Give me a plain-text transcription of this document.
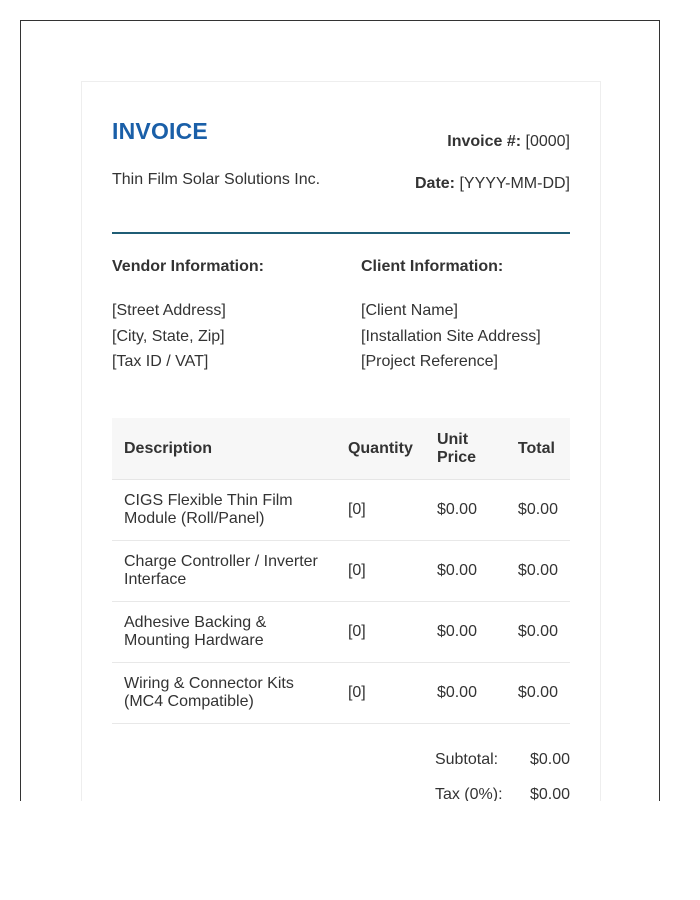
INVOICE
Thin Film Solar Solutions Inc.
Invoice #: [0000]
Date: [YYYY-MM-DD]
Vendor Information:
[Street Address]
[City, State, Zip]
[Tax ID / VAT]
Client Information:
[Client Name]
[Installation Site Address]
[Project Reference]
Description	Quantity	Unit Price	Total
CIGS Flexible Thin Film Module (Roll/Panel)	[0]	$0.00	$0.00
Charge Controller / Inverter Interface	[0]	$0.00	$0.00
Adhesive Backing & Mounting Hardware	[0]	$0.00	$0.00
Wiring & Connector Kits (MC4 Compatible)	[0]	$0.00	$0.00
Subtotal: $0.00
Tax (0%): $0.00
